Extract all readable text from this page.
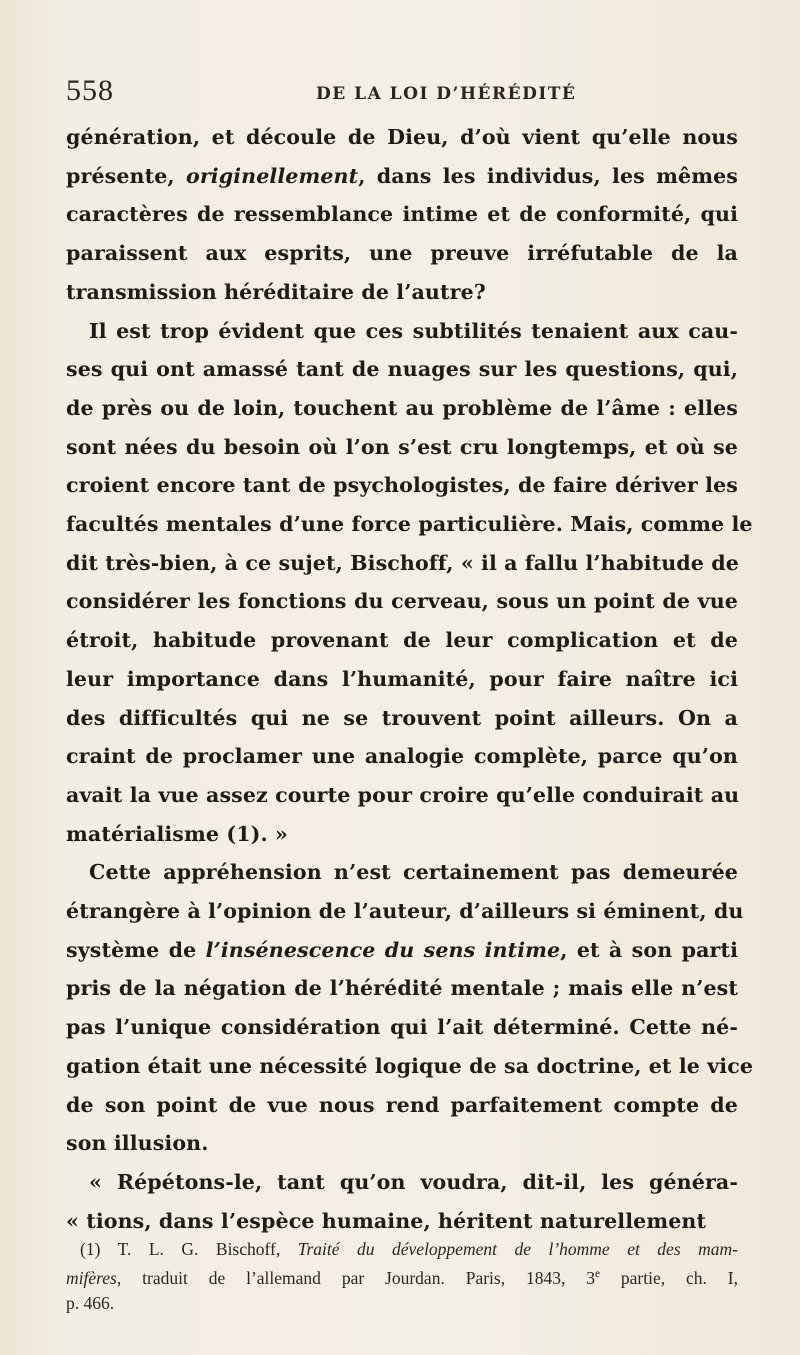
558	DE LA LOI D’HÉRÉDITÉ

génération, et découle de Dieu, d’où vient qu’elle nous
présente, originellement, dans les individus, les mêmes
caractères de ressemblance intime et de conformité, qui
paraissent aux esprits, une preuve irréfutable de la
transmission héréditaire de l’autre?

Il est trop évident que ces subtilités tenaient aux cau-
ses qui ont amassé tant de nuages sur les questions, qui,
de près ou de loin, touchent au problème de l’âme : elles
sont nées du besoin où l’on s’est cru longtemps, et où se
croient encore tant de psychologistes, de faire dériver les
facultés mentales d’une force particulière. Mais, comme le
dit très-bien, à ce sujet, Bischoff, « il a fallu l’habitude de
considérer les fonctions du cerveau, sous un point de vue
étroit, habitude provenant de leur complication et de
leur importance dans l’humanité, pour faire naître ici
des difficultés qui ne se trouvent point ailleurs. On a
craint de proclamer une analogie complète, parce qu’on
avait la vue assez courte pour croire qu’elle conduirait au
matérialisme (1). »

Cette appréhension n’est certainement pas demeurée
étrangère à l’opinion de l’auteur, d’ailleurs si éminent, du
système de l’insénescence du sens intime, et à son parti
pris de la négation de l’hérédité mentale ; mais elle n’est
pas l’unique considération qui l’ait déterminé. Cette né-
gation était une nécessité logique de sa doctrine, et le vice
de son point de vue nous rend parfaitement compte de
son illusion.

« Répétons-le, tant qu’on voudra, dit-il, les généra-
« tions, dans l’espèce humaine, héritent naturellement

(1) T. L. G. Bischoff, Traité du développement de l’homme et des mam-
mifères, traduit de l’allemand par Jourdan. Paris, 1843, 3e partie, ch. I,
p. 466.
